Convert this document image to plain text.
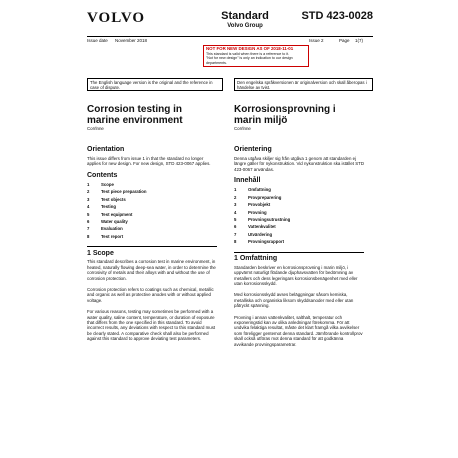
VOLVO	Standard
Volvo Group
STD 423-0028
Issue date November 2018	Issue 2	Page 1(7)
NOT FOR NEW DESIGN AS OF 2018-11-01
This standard is valid when there is a reference to it.
"Not for new design" is only an indication to our design departments.
The English language version is the original and the reference in case of dispute.
Den engelska språkversionen är originalversion och skall åberopas i händelse av tvist.
Corrosion testing in marine environment
Corrlnne
Orientation

This issue differs from issue 1 in that the standard no longer applies for new design. For new design, STD 423-0067 applies.

Contents
1	Scope
2	Test piece preparation
3	Test objects
4	Testing
5	Test equipment
6	Water quality
7	Evaluation
8	Test report
1 Scope

This standard describes a corrosion test in marine environment, in heated, naturally flowing deep-sea water, in order to determine the corrosivity of metals and their alloys with and without the use of corrosion protection.

Corrosion protection refers to coatings such as chemical, metallic and organic as well as protective anodes with or without applied voltage.

For various reasons, testing may sometimes be performed with a water quality, saline content, temperature, or duration of exposure that differs from the one specified in this standard. To avoid incorrect results, any deviations with respect to this standard must be clearly stated. A comparative check shall also be performed against this standard to approve deviating test parameters.

Korrosionsprovning i marin miljö
Corrlnne
Orientering

Denna utgåva skiljer sig från utgåva 1 genom att standarden ej längre gäller för nykonstruktion. Vid nykonstruktion ska istället STD 423-0067 användas.

Innehåll
1	Omfattning
2	Provpreparering
3	Provobjekt
4	Provning
5	Provningsutrustning
6	Vattenkvalitet
7	Utvärdering
8	Provningsrapport
1 Omfattning

Standarden beskriver en korrosionsprovning i marin miljö, i uppvärmt naturligt flödande djuphavsvatten för bedömning av metallers och dess legeringars korrosionsbenägenhet med eller utan korrosionsskydd.

Med korrosionsskydd avses beläggningar såsom kemiska, metalliska och organiska liksom skyddsanoder med eller utan påtryckt spänning.

Provning i annan vattenkvalitet, salthalt, temperatur och exponeringstid kan av olika anledningar förekomma. För att undvika felaktiga resultat, måste det klart framgå vilka avvikelser som föreligger gentemot denna standard. Jämförande kontrollprov skall också utföras mot denna standard för att godkänna avvikande provningsparametrar.
